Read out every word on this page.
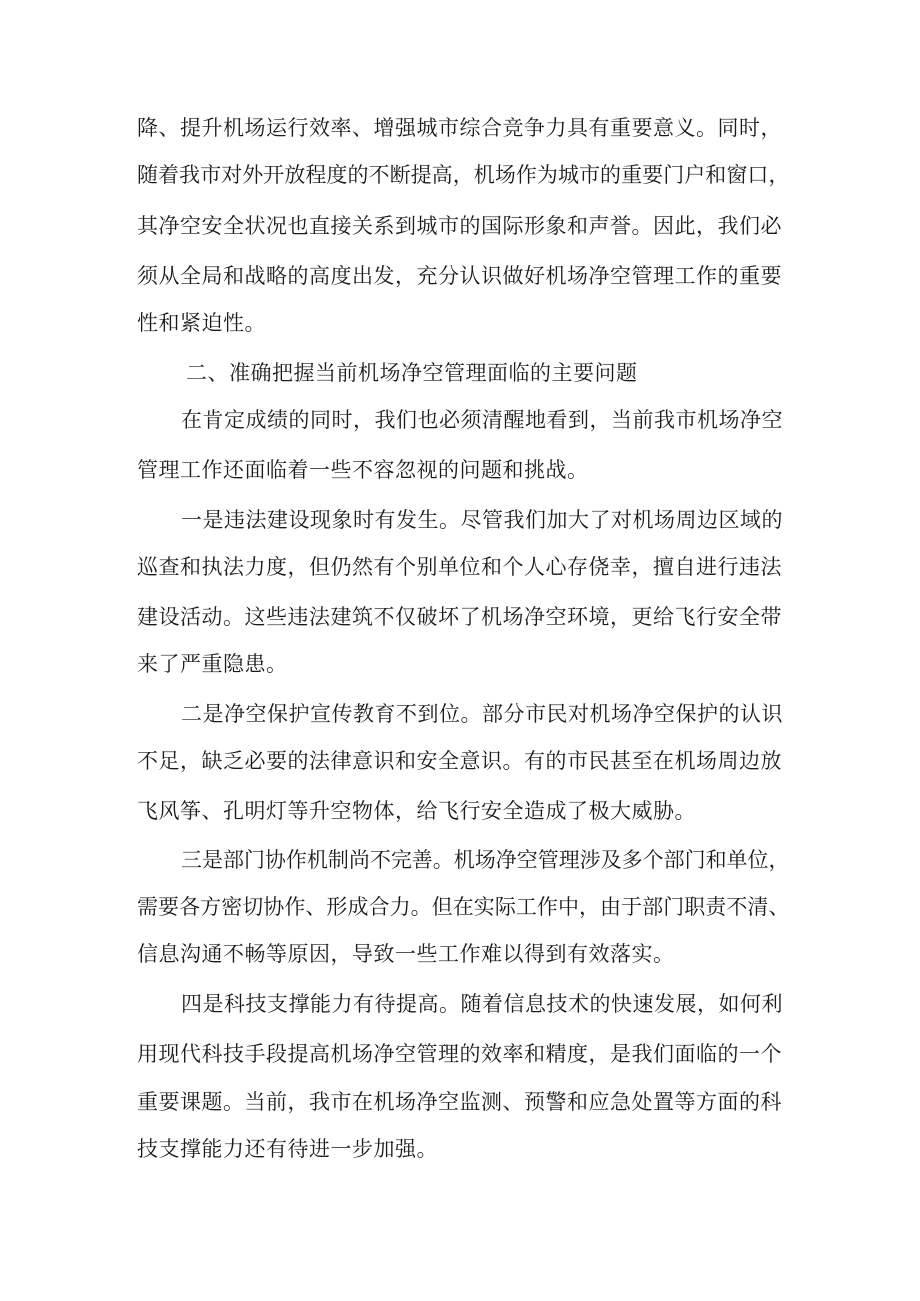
降、提升机场运行效率、增强城市综合竞争力具有重要意义。同时，
随着我市对外开放程度的不断提高，机场作为城市的重要门户和窗口，
其净空安全状况也直接关系到城市的国际形象和声誉。因此，我们必
须从全局和战略的高度出发，充分认识做好机场净空管理工作的重要
性和紧迫性。
二、准确把握当前机场净空管理面临的主要问题
在肯定成绩的同时，我们也必须清醒地看到，当前我市机场净空
管理工作还面临着一些不容忽视的问题和挑战。
一是违法建设现象时有发生。尽管我们加大了对机场周边区域的
巡查和执法力度，但仍然有个别单位和个人心存侥幸，擅自进行违法
建设活动。这些违法建筑不仅破坏了机场净空环境，更给飞行安全带
来了严重隐患。
二是净空保护宣传教育不到位。部分市民对机场净空保护的认识
不足，缺乏必要的法律意识和安全意识。有的市民甚至在机场周边放
飞风筝、孔明灯等升空物体，给飞行安全造成了极大威胁。
三是部门协作机制尚不完善。机场净空管理涉及多个部门和单位，
需要各方密切协作、形成合力。但在实际工作中，由于部门职责不清、
信息沟通不畅等原因，导致一些工作难以得到有效落实。
四是科技支撑能力有待提高。随着信息技术的快速发展，如何利
用现代科技手段提高机场净空管理的效率和精度，是我们面临的一个
重要课题。当前，我市在机场净空监测、预警和应急处置等方面的科
技支撑能力还有待进一步加强。
